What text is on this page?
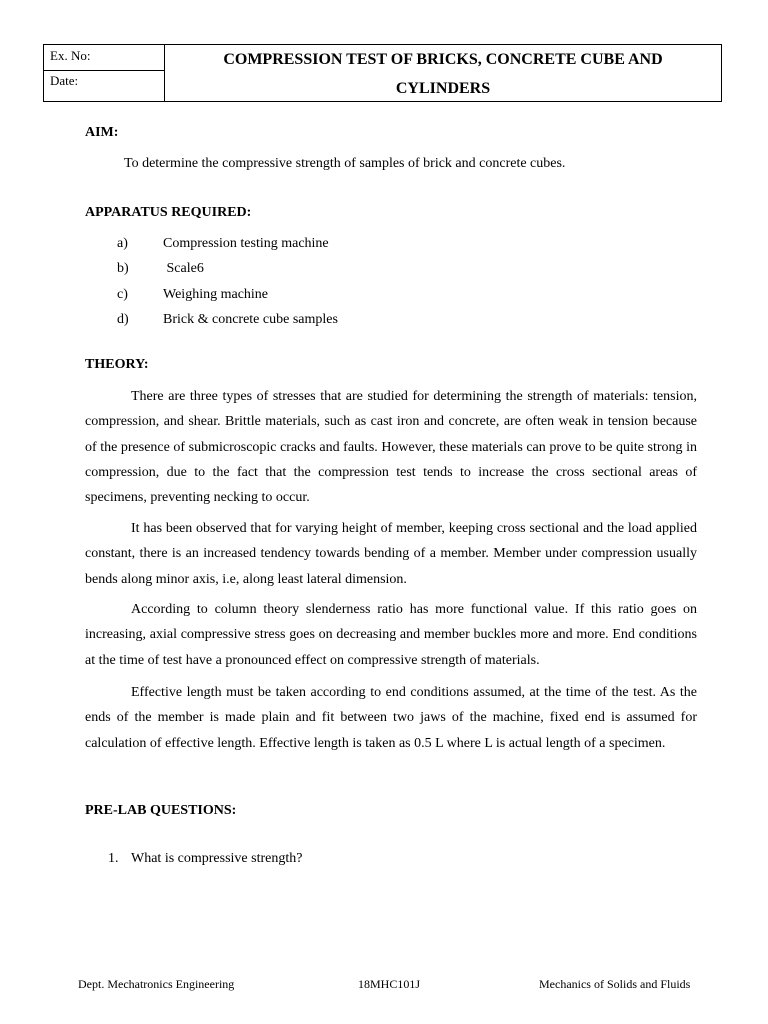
Ex. No:
Date:
COMPRESSION TEST OF BRICKS, CONCRETE CUBE AND
CYLINDERS
AIM:
To determine the compressive strength of samples of brick and concrete cubes.
APPARATUS REQUIRED:
a)	Compression testing machine
b) Scale6
c)	Weighing machine
d) Brick & concrete cube samples
THEORY:
There are three types of stresses that are studied for determining the strength of materials: tension, compression, and shear. Brittle materials, such as cast iron and concrete, are often weak in tension because of the presence of submicroscopic cracks and faults. However, these materials can prove to be quite strong in compression, due to the fact that the compression test tends to increase the cross sectional areas of specimens, preventing necking to occur.
It has been observed that for varying height of member, keeping cross sectional and the load applied constant, there is an increased tendency towards bending of a member. Member under compression usually bends along minor axis, i.e, along least lateral dimension.
According to column theory slenderness ratio has more functional value. If this ratio goes on increasing, axial compressive stress goes on decreasing and member buckles more and more. End conditions at the time of test have a pronounced effect on compressive strength of materials.
Effective length must be taken according to end conditions assumed, at the time of the test. As the ends of the member is made plain and fit between two jaws of the machine, fixed end is assumed for calculation of effective length. Effective length is taken as 0.5 L where L is actual length of a specimen.
PRE-LAB QUESTIONS:
1. What is compressive strength?
Dept. Mechatronics Engineering	18MHC101J	Mechanics of Solids and Fluids
